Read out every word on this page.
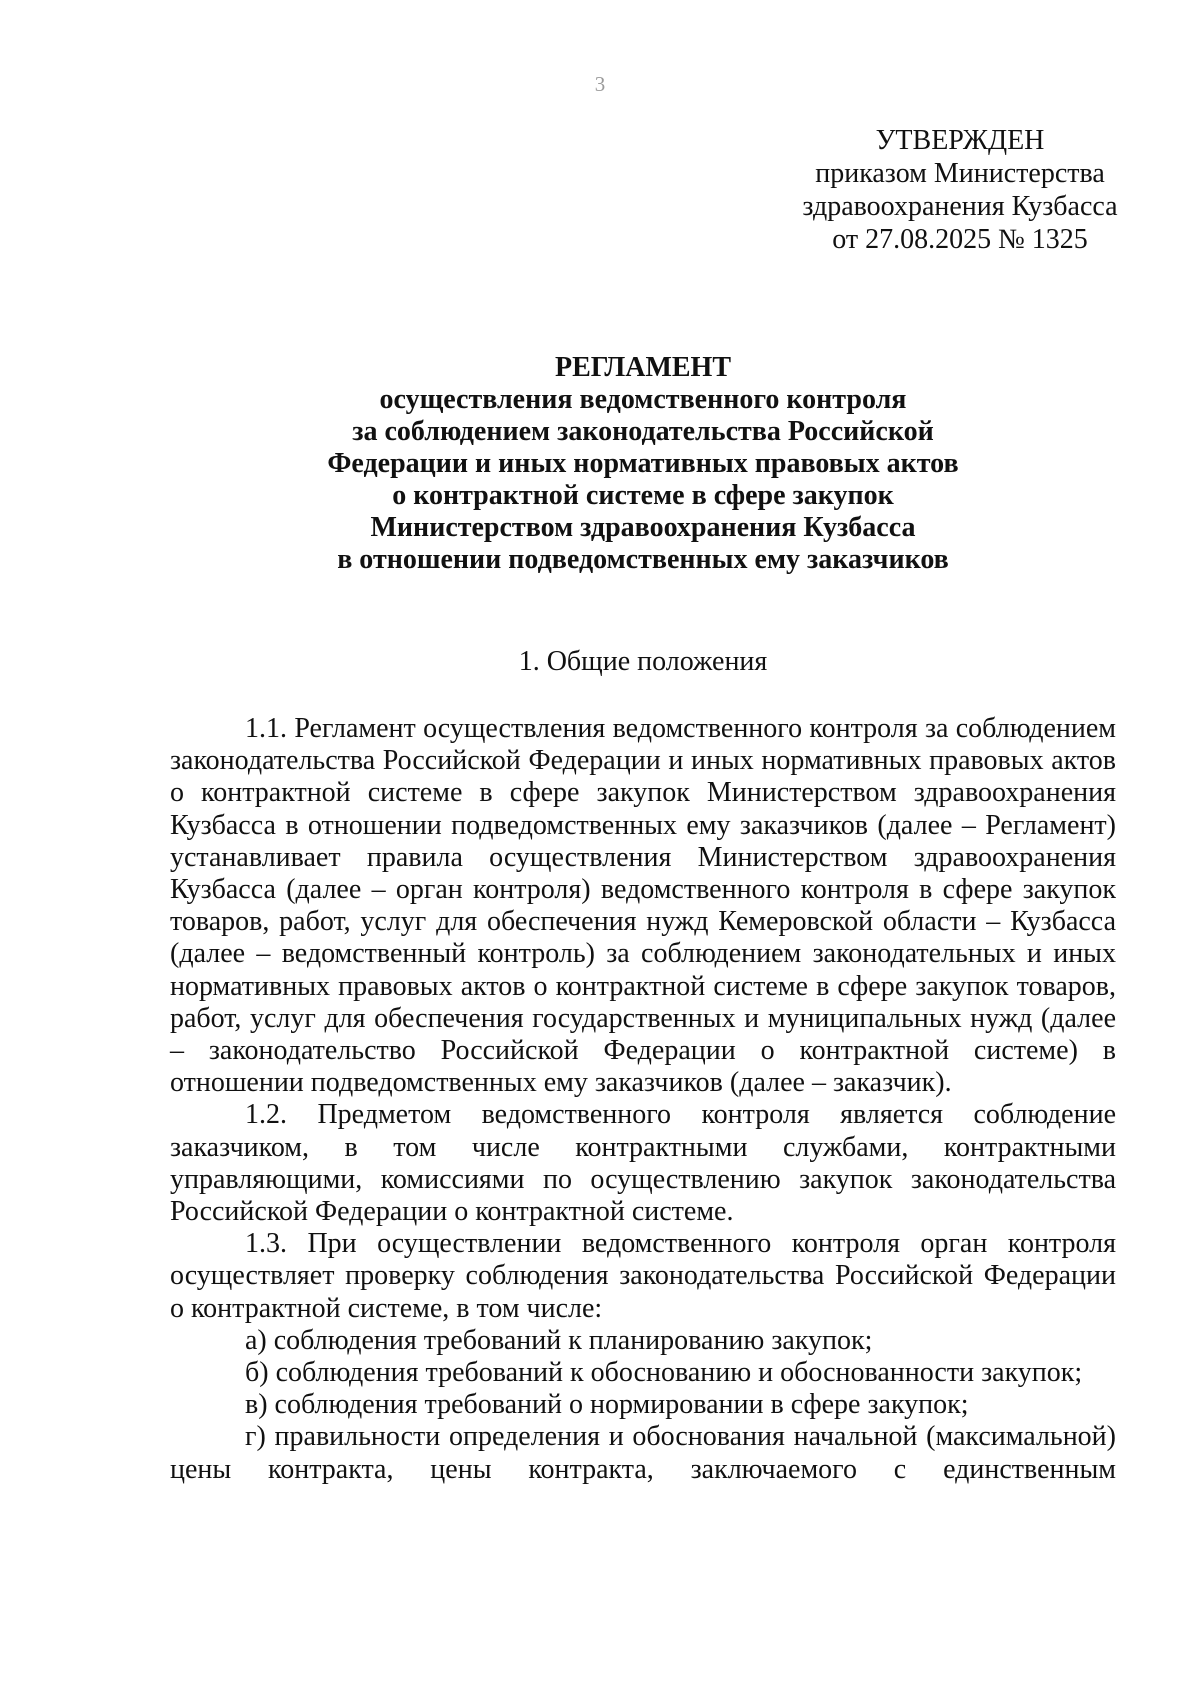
3
УТВЕРЖДЕН
приказом Министерства
здравоохранения Кузбасса
от 27.08.2025 № 1325
РЕГЛАМЕНТ
осуществления ведомственного контроля
за соблюдением законодательства Российской
Федерации и иных нормативных правовых актов
о контрактной системе в сфере закупок
Министерством здравоохранения Кузбасса
в отношении подведомственных ему заказчиков
1. Общие положения

1.1. Регламент осуществления ведомственного контроля за соблюдением законодательства Российской Федерации и иных нормативных правовых актов о контрактной системе в сфере закупок Министерством здравоохранения Кузбасса в отношении подведомственных ему заказчиков (далее – Регламент) устанавливает правила осуществления Министерством здравоохранения Кузбасса (далее – орган контроля) ведомственного контроля в сфере закупок товаров, работ, услуг для обеспечения нужд Кемеровской области – Кузбасса (далее – ведомственный контроль) за соблюдением законодательных и иных нормативных правовых актов о контрактной системе в сфере закупок товаров, работ, услуг для обеспечения государственных и муниципальных нужд (далее – законодательство Российской Федерации о контрактной системе) в отношении подведомственных ему заказчиков (далее – заказчик).

1.2. Предметом ведомственного контроля является соблюдение заказчиком, в том числе контрактными службами, контрактными управляющими, комиссиями по осуществлению закупок законодательства Российской Федерации о контрактной системе.

1.3. При осуществлении ведомственного контроля орган контроля осуществляет проверку соблюдения законодательства Российской Федерации о контрактной системе, в том числе:

а) соблюдения требований к планированию закупок;

б) соблюдения требований к обоснованию и обоснованности закупок;

в) соблюдения требований о нормировании в сфере закупок;

г) правильности определения и обоснования начальной (максимальной) цены контракта, цены контракта, заключаемого с единственным
